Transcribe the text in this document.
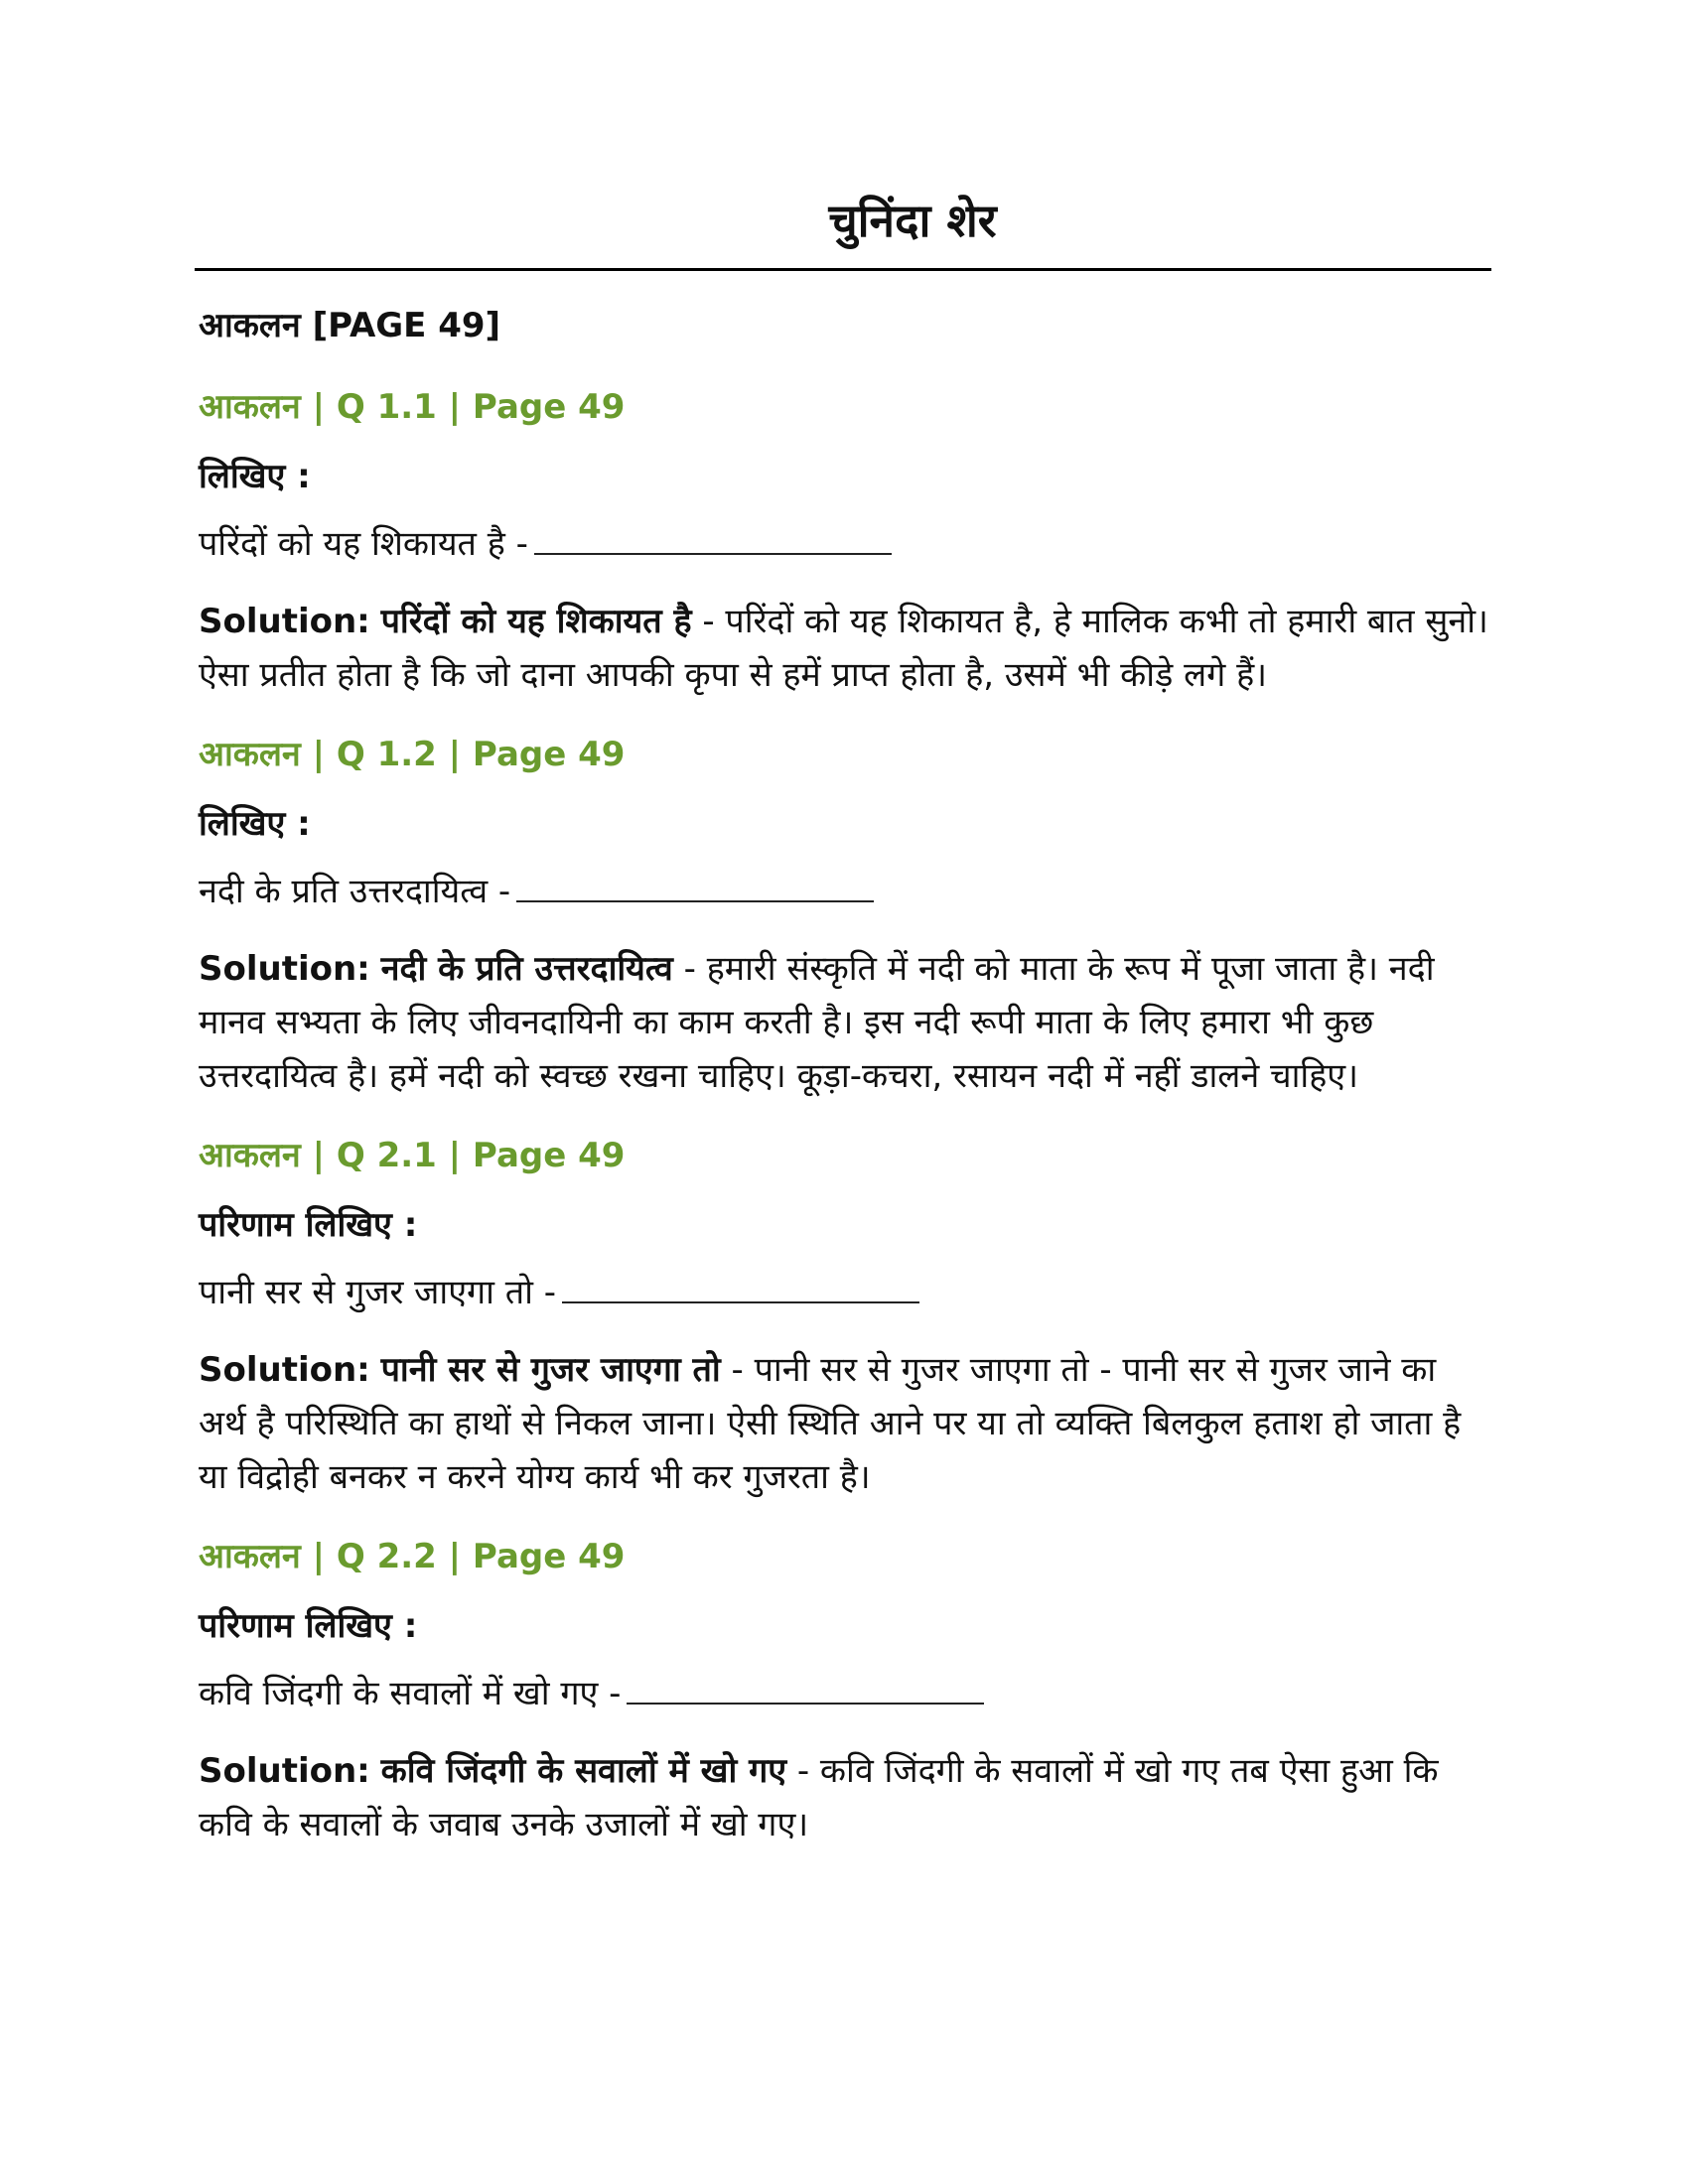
चुनिंदा शेर
आकलन [PAGE 49]
आकलन | Q 1.1 | Page 49
लिखिए :
परिंदों को यह शिकायत है -
Solution: परिंदों को यह शिकायत है - परिंदों को यह शिकायत है, हे मालिक कभी तो हमारी बात सुनो। ऐसा प्रतीत होता है कि जो दाना आपकी कृपा से हमें प्राप्त होता है, उसमें भी कीड़े लगे हैं।
आकलन | Q 1.2 | Page 49
लिखिए :
नदी के प्रति उत्तरदायित्व -
Solution: नदी के प्रति उत्तरदायित्व - हमारी संस्कृति में नदी को माता के रूप में पूजा जाता है। नदी मानव सभ्यता के लिए जीवनदायिनी का काम करती है। इस नदी रूपी माता के लिए हमारा भी कुछ उत्तरदायित्व है। हमें नदी को स्वच्छ रखना चाहिए। कूड़ा-कचरा, रसायन नदी में नहीं डालने चाहिए।
आकलन | Q 2.1 | Page 49
परिणाम लिखिए :
पानी सर से गुजर जाएगा तो -
Solution: पानी सर से गुजर जाएगा तो - पानी सर से गुजर जाएगा तो - पानी सर से गुजर जाने का अर्थ है परिस्थिति का हाथों से निकल जाना। ऐसी स्थिति आने पर या तो व्यक्ति बिलकुल हताश हो जाता है या विद्रोही बनकर न करने योग्य कार्य भी कर गुजरता है।
आकलन | Q 2.2 | Page 49
परिणाम लिखिए :
कवि जिंदगी के सवालों में खो गए -
Solution: कवि जिंदगी के सवालों में खो गए - कवि जिंदगी के सवालों में खो गए तब ऐसा हुआ कि कवि के सवालों के जवाब उनके उजालों में खो गए।
